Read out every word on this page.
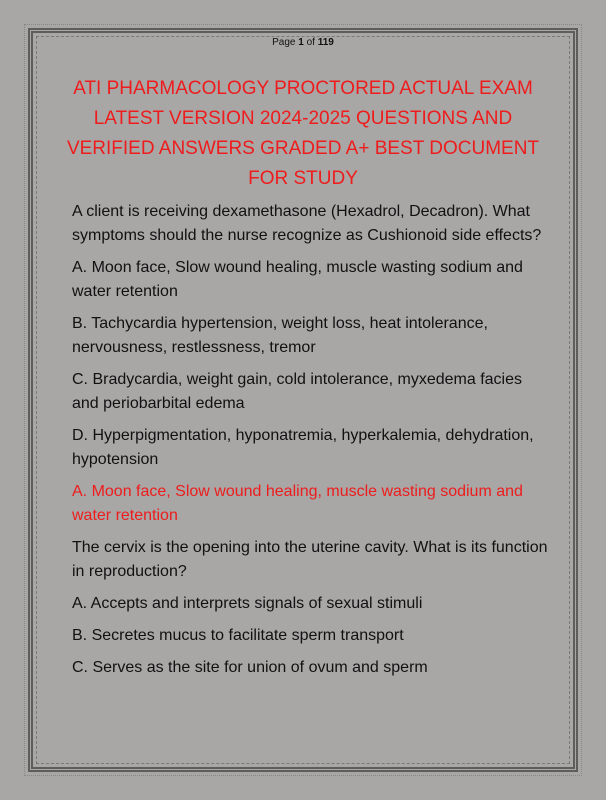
Page 1 of 119
ATI PHARMACOLOGY PROCTORED ACTUAL EXAM LATEST VERSION 2024-2025 QUESTIONS AND VERIFIED ANSWERS GRADED A+ BEST DOCUMENT FOR STUDY

A client is receiving dexamethasone (Hexadrol, Decadron). What symptoms should the nurse recognize as Cushionoid side effects?

A. Moon face, Slow wound healing, muscle wasting sodium and water retention

B. Tachycardia hypertension, weight loss, heat intolerance, nervousness, restlessness, tremor

C. Bradycardia, weight gain, cold intolerance, myxedema facies and periobarbital edema

D. Hyperpigmentation, hyponatremia, hyperkalemia, dehydration, hypotension

A. Moon face, Slow wound healing, muscle wasting sodium and water retention

The cervix is the opening into the uterine cavity. What is its function in reproduction?

A. Accepts and interprets signals of sexual stimuli

B. Secretes mucus to facilitate sperm transport

C. Serves as the site for union of ovum and sperm
